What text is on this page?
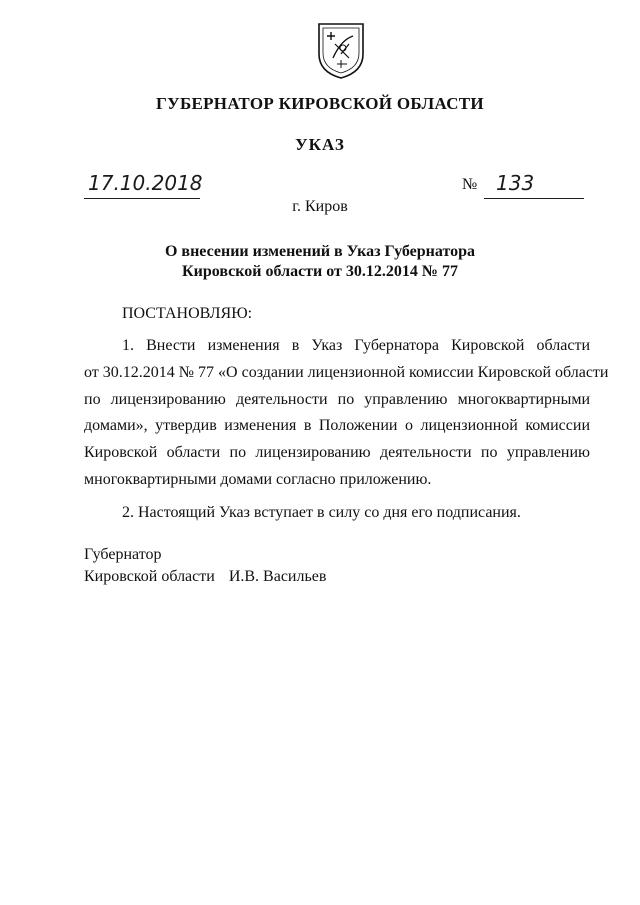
ГУБЕРНАТОР КИРОВСКОЙ ОБЛАСТИ
УКАЗ
17.10.2018	№ 133
г. Киров
О внесении изменений в Указ Губернатора
Кировской области от 30.12.2014 № 77
ПОСТАНОВЛЯЮ:
1. Внести изменения в Указ Губернатора Кировской области
от 30.12.2014 № 77 «О создании лицензионной комиссии Кировской области
по лицензированию деятельности по управлению многоквартирными
домами», утвердив изменения в Положении о лицензионной комиссии
Кировской области по лицензированию деятельности по управлению
многоквартирными домами согласно приложению.
2. Настоящий Указ вступает в силу со дня его подписания.
Губернатор
Кировской области И.В. Васильев
